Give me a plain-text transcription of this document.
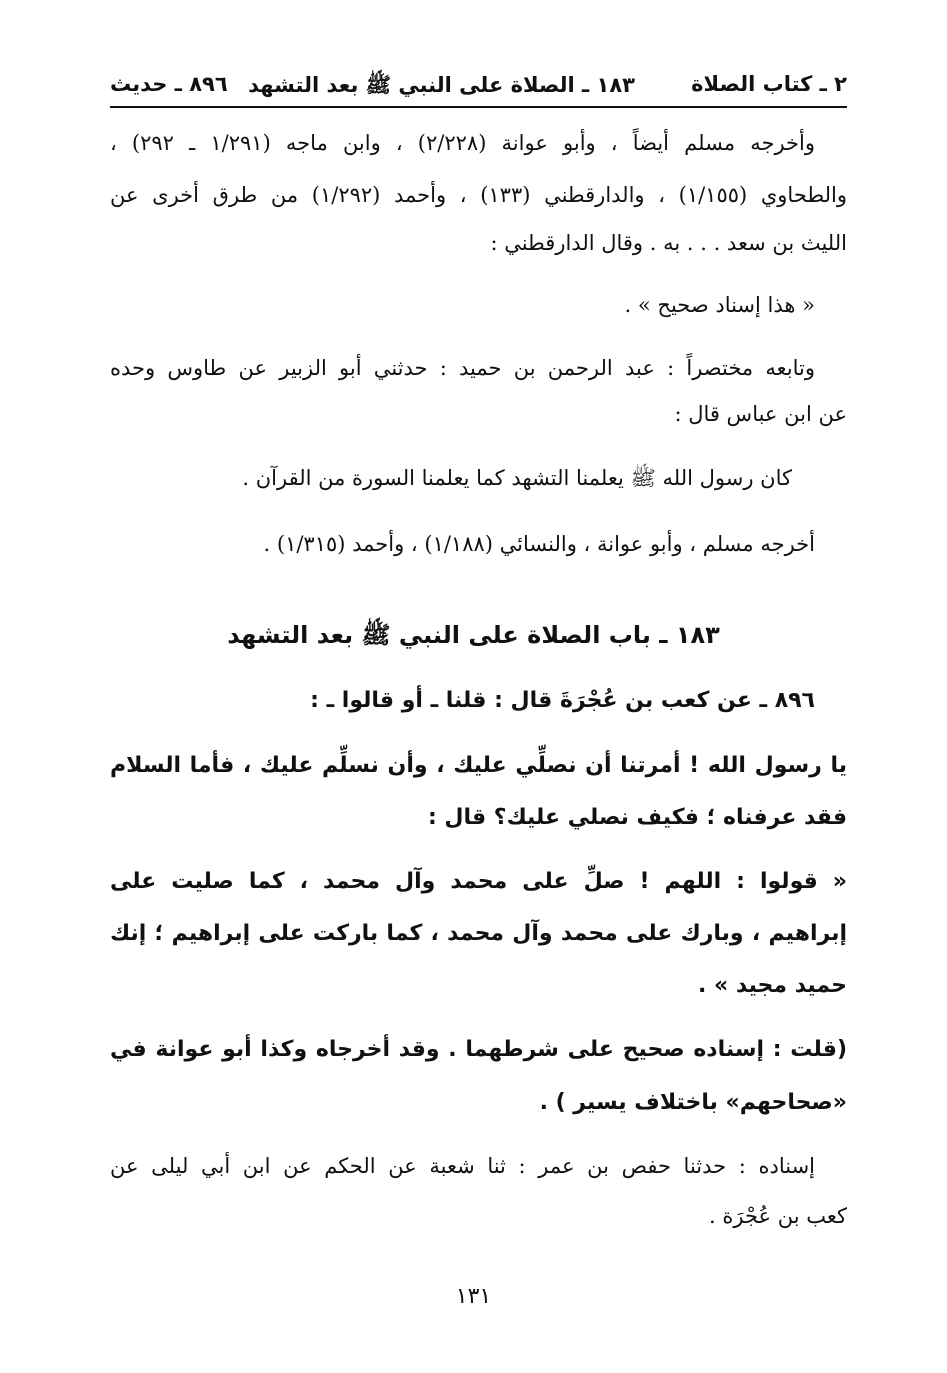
٢ ـ كتاب الصلاة
١٨٣ ـ الصلاة على النبي ﷺ بعد التشهد
٨٩٦ ـ حديث
وأخرجه مسلم أيضاً ، وأبو عوانة (٢/٢٢٨) ، وابن ماجه (١/٢٩١ ـ ٢٩٢) ،
والطحاوي (١/١٥٥) ، والدارقطني (١٣٣) ، وأحمد (١/٢٩٢) من طرق أخرى عن
الليث بن سعد . . . به . وقال الدارقطني :
« هذا إسناد صحيح » .
وتابعه مختصراً : عبد الرحمن بن حميد : حدثني أبو الزبير عن طاوس وحده
عن ابن عباس قال :
كان رسول الله ﷺ يعلمنا التشهد كما يعلمنا السورة من القرآن .
أخرجه مسلم ، وأبو عوانة ، والنسائي (١/١٨٨) ، وأحمد (١/٣١٥) .
١٨٣ ـ باب الصلاة على النبي ﷺ بعد التشهد
٨٩٦ ـ عن كعب بن عُجْرَةَ قال : قلنا ـ أو قالوا ـ :
يا رسول الله ! أمرتنا أن نصلِّي عليك ، وأن نسلِّم عليك ، فأما السلام
فقد عرفناه ؛ فكيف نصلي عليك؟ قال :
« قولوا : اللهم ! صلِّ على محمد وآل محمد ، كما صليت على
إبراهيم ، وبارك على محمد وآل محمد ، كما باركت على إبراهيم ؛ إنك
حميد مجيد » .
(قلت : إسناده صحيح على شرطهما . وقد أخرجاه وكذا أبو عوانة في
«صحاحهم» باختلاف يسير ) .
إسناده : حدثنا حفص بن عمر : ثنا شعبة عن الحكم عن ابن أبي ليلى عن
كعب بن عُجْرَة .
١٣١
